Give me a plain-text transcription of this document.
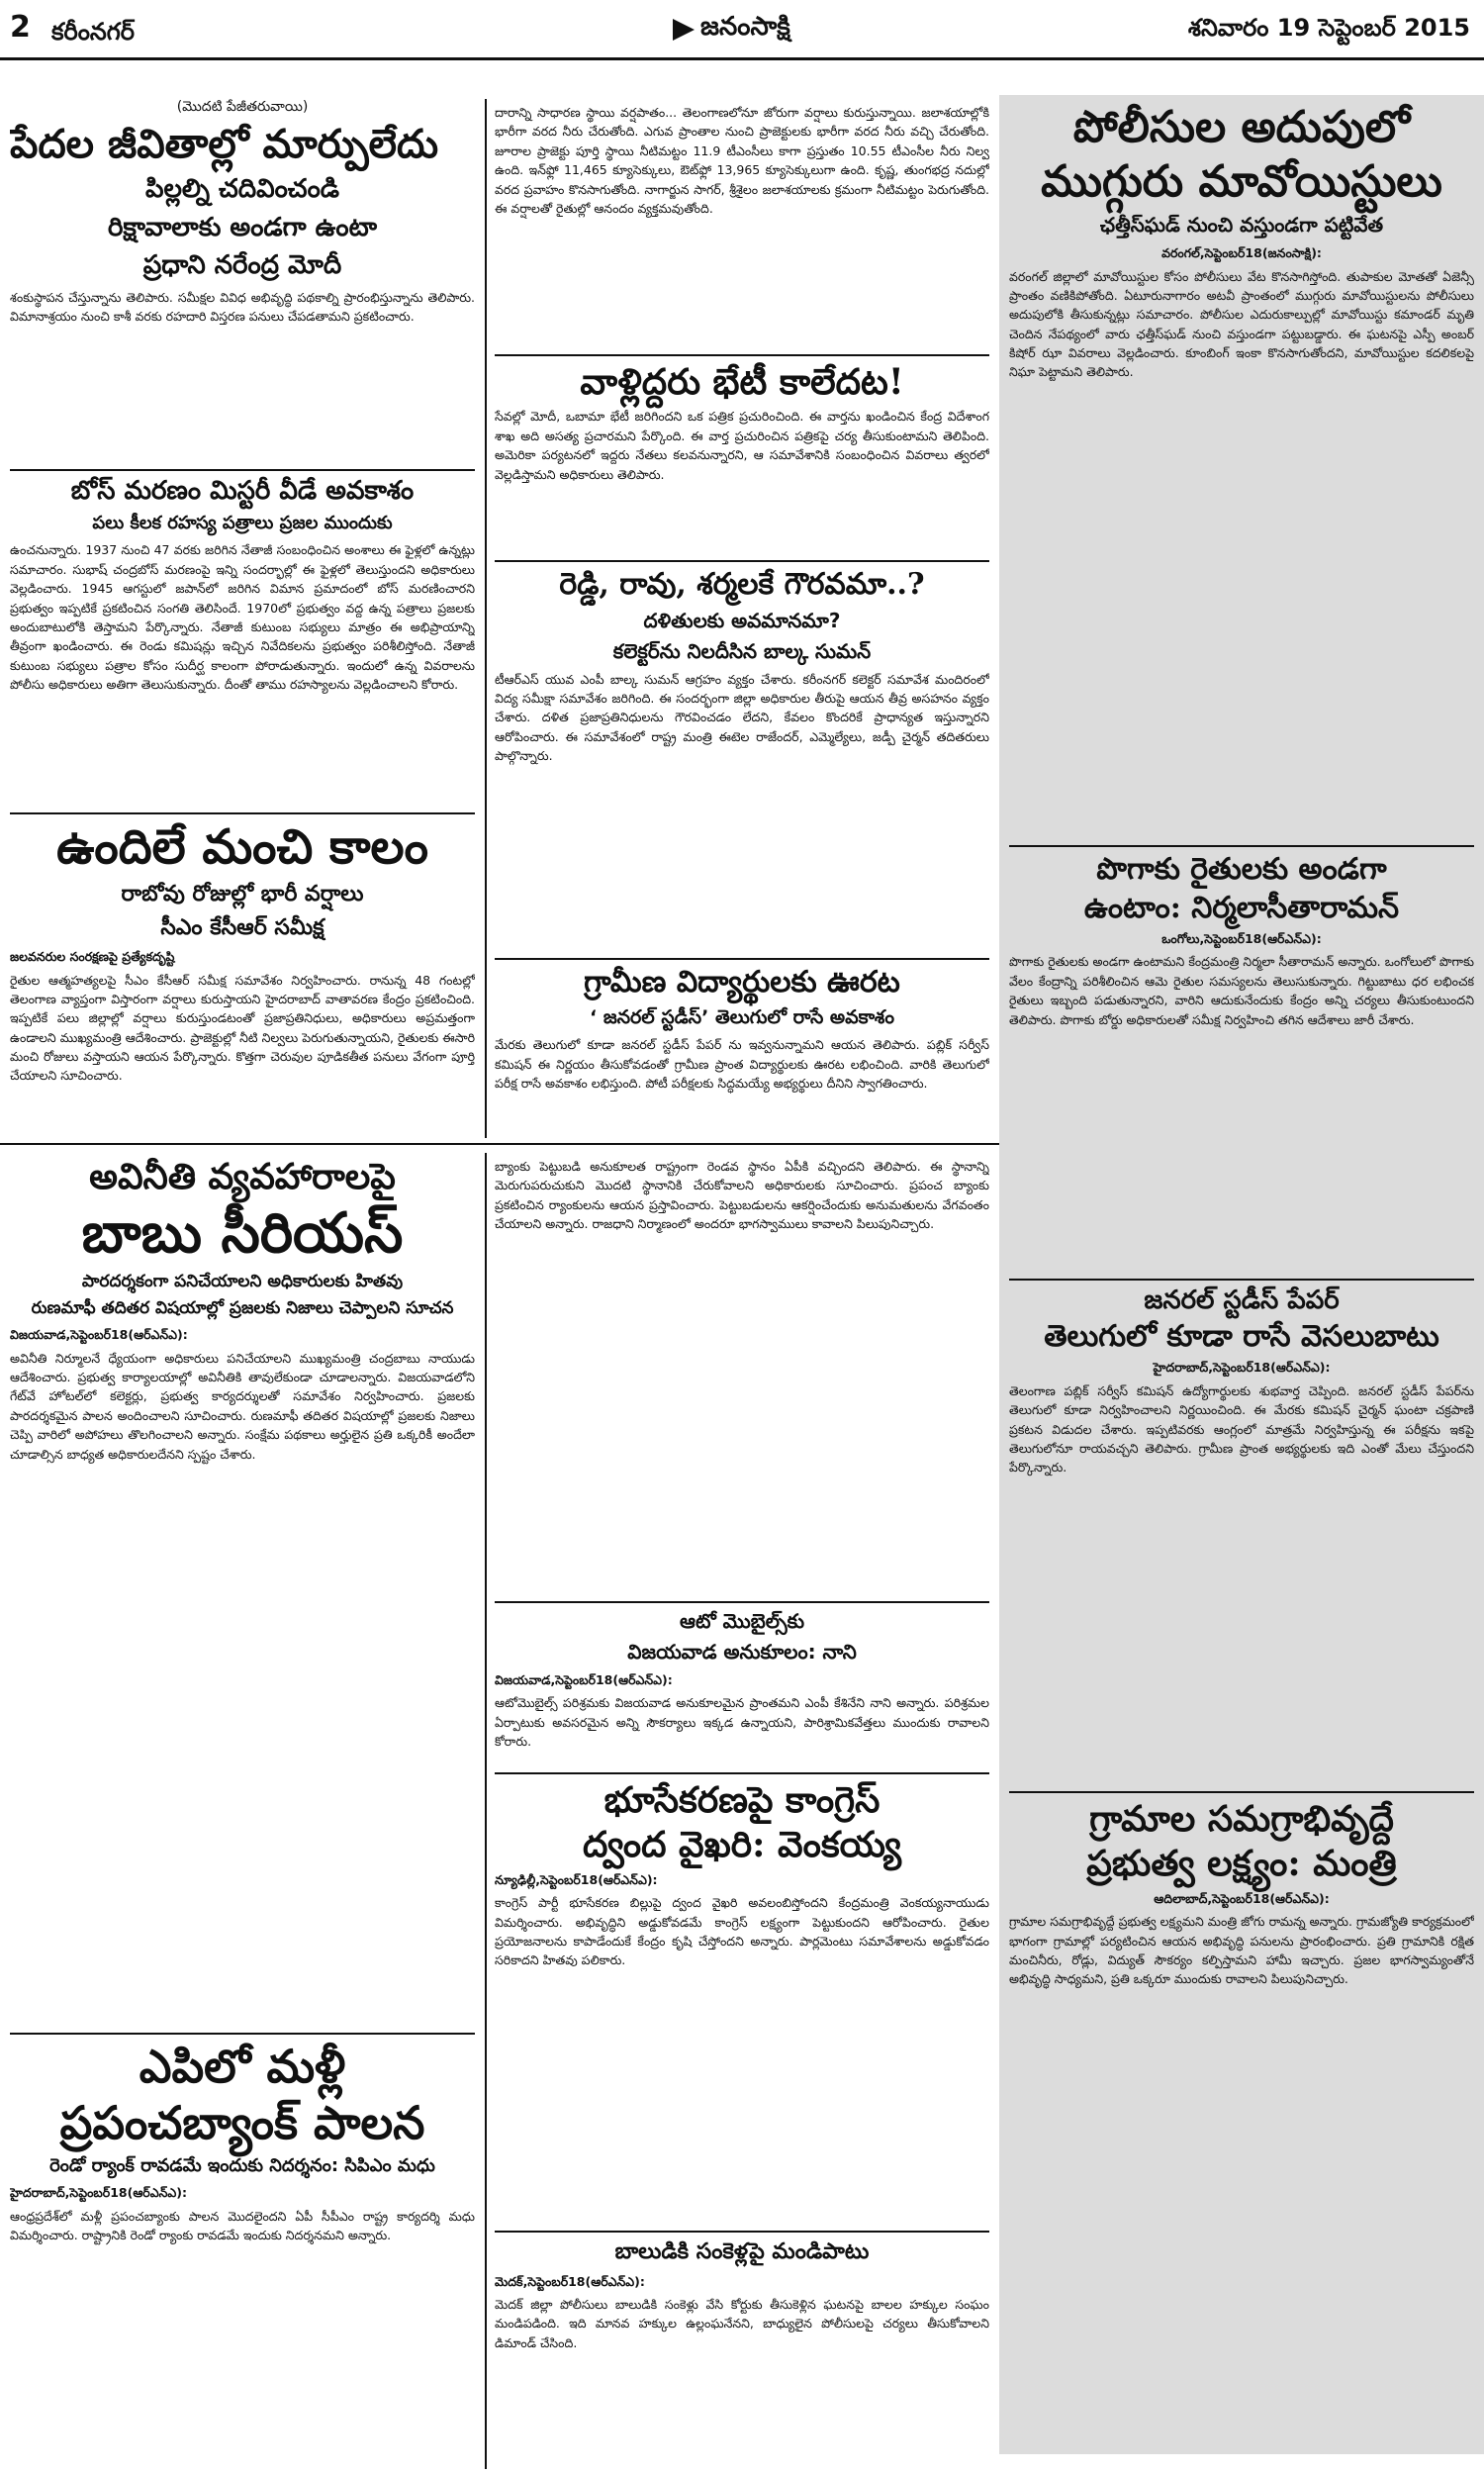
2 కరీంనగర్	జనంసాక్షి	శనివారం 19 సెప్టెంబర్ 2015
(మొదటి పేజీతరువాయి)
పేదల జీవితాల్లో మార్పులేదు
పిల్లల్ని చదివించండి
రిక్షావాలాకు అండగా ఉంటా
ప్రధాని నరేంద్ర మోదీ
శంకుస్థాపన చేస్తున్నాను తెలిపారు. సమీక్షల వివిధ అభివృద్ధి పథకాల్ని ప్రారంభిస్తున్నాను తెలిపారు. విమానాశ్రయం నుంచి కాశీ వరకు రహదారి విస్తరణ పనులు చేపడతామని ప్రకటించారు.
బోస్ మరణం మిస్టరీ వీడే అవకాశం
పలు కీలక రహస్య పత్రాలు ప్రజల ముందుకు
ఉంచనున్నారు. 1937 నుంచి 47 వరకు జరిగిన నేతాజీ సంబంధించిన అంశాలు ఈ ఫైళ్లలో ఉన్నట్లు సమాచారం. సుభాష్ చంద్రబోస్ మరణంపై ఇన్ని సందర్భాల్లో ఈ ఫైళ్లలో తెలుస్తుందని అధికారులు వెల్లడించారు. 1945 ఆగస్టులో జపాన్‌లో జరిగిన విమాన ప్రమాదంలో బోస్ మరణించారని ప్రభుత్వం ఇప్పటికే ప్రకటించిన సంగతి తెలిసిందే. 1970లో ప్రభుత్వం వద్ద ఉన్న పత్రాలు ప్రజలకు అందుబాటులోకి తెస్తామని పేర్కొన్నారు. నేతాజీ కుటుంబ సభ్యులు మాత్రం ఈ అభిప్రాయాన్ని తీవ్రంగా ఖండించారు. ఈ రెండు కమిషన్లు ఇచ్చిన నివేదికలను ప్రభుత్వం పరిశీలిస్తోంది. నేతాజీ కుటుంబ సభ్యులు పత్రాల కోసం సుదీర్ఘ కాలంగా పోరాడుతున్నారు. ఇందులో ఉన్న వివరాలను పోలీసు అధికారులు అతిగా తెలుసుకున్నారు. దీంతో తాము రహస్యాలను వెల్లడించాలని కోరారు.
ఉందిలే మంచి కాలం
రాబోవు రోజుల్లో భారీ వర్షాలు
సీఎం కేసీఆర్ సమీక్ష
జలవనరుల సంరక్షణపై ప్రత్యేకదృష్టి
రైతుల ఆత్మహత్యలపై సీఎం కేసీఆర్ సమీక్ష సమావేశం నిర్వహించారు. రానున్న 48 గంటల్లో తెలంగాణ వ్యాప్తంగా విస్తారంగా వర్షాలు కురుస్తాయని హైదరాబాద్ వాతావరణ కేంద్రం ప్రకటించింది. ఇప్పటికే పలు జిల్లాల్లో వర్షాలు కురుస్తుండటంతో ప్రజాప్రతినిధులు, అధికారులు అప్రమత్తంగా ఉండాలని ముఖ్యమంత్రి ఆదేశించారు. ప్రాజెక్టుల్లో నీటి నిల్వలు పెరుగుతున్నాయని, రైతులకు ఈసారి మంచి రోజులు వస్తాయని ఆయన పేర్కొన్నారు. కొత్తగా చెరువుల పూడికతీత పనులు వేగంగా పూర్తి చేయాలని సూచించారు.
దారాన్ని సాధారణ స్థాయి వర్షపాతం... తెలంగాణలోనూ జోరుగా వర్షాలు కురుస్తున్నాయి. జలాశయాల్లోకి భారీగా వరద నీరు చేరుతోంది. ఎగువ ప్రాంతాల నుంచి ప్రాజెక్టులకు భారీగా వరద నీరు వచ్చి చేరుతోంది. జూరాల ప్రాజెక్టు పూర్తి స్థాయి నీటిమట్టం 11.9 టీఎంసీలు కాగా ప్రస్తుతం 10.55 టీఎంసీల నీరు నిల్వ ఉంది. ఇన్‌ఫ్లో 11,465 క్యూసెక్కులు, ఔట్‌ఫ్లో 13,965 క్యూసెక్కులుగా ఉంది. కృష్ణ, తుంగభద్ర నదుల్లో వరద ప్రవాహం కొనసాగుతోంది. నాగార్జున సాగర్, శ్రీశైలం జలాశయాలకు క్రమంగా నీటిమట్టం పెరుగుతోంది. ఈ వర్షాలతో రైతుల్లో ఆనందం వ్యక్తమవుతోంది.
వాళ్లిద్దరు భేటీ కాలేదట!
సేవల్లో మోదీ, ఒబామా భేటీ జరిగిందని ఒక పత్రిక ప్రచురించింది. ఈ వార్తను ఖండించిన కేంద్ర విదేశాంగ శాఖ అది అసత్య ప్రచారమని పేర్కొంది. ఈ వార్త ప్రచురించిన పత్రికపై చర్య తీసుకుంటామని తెలిపింది. అమెరికా పర్యటనలో ఇద్దరు నేతలు కలవనున్నారని, ఆ సమావేశానికి సంబంధించిన వివరాలు త్వరలో వెల్లడిస్తామని అధికారులు తెలిపారు.
రెడ్డి, రావు, శర్మలకే గౌరవమా..?
దళితులకు అవమానమా?
కలెక్టర్‌ను నిలదీసిన బాల్క సుమన్
టీఆర్ఎస్ యువ ఎంపీ బాల్క సుమన్ ఆగ్రహం వ్యక్తం చేశారు. కరీంనగర్ కలెక్టర్ సమావేశ మందిరంలో విద్య సమీక్షా సమావేశం జరిగింది. ఈ సందర్భంగా జిల్లా అధికారుల తీరుపై ఆయన తీవ్ర అసహనం వ్యక్తం చేశారు. దళిత ప్రజాప్రతినిధులను గౌరవించడం లేదని, కేవలం కొందరికే ప్రాధాన్యత ఇస్తున్నారని ఆరోపించారు. ఈ సమావేశంలో రాష్ట్ర మంత్రి ఈటెల రాజేందర్, ఎమ్మెల్యేలు, జడ్పీ చైర్మన్ తదితరులు పాల్గొన్నారు.
గ్రామీణ విద్యార్థులకు ఊరట
‘ జనరల్ స్టడీస్’ తెలుగులో రాసే అవకాశం
మేరకు తెలుగులో కూడా జనరల్ స్టడీస్ పేపర్ ను ఇవ్వనున్నామని ఆయన తెలిపారు. పబ్లిక్ సర్వీస్ కమిషన్ ఈ నిర్ణయం తీసుకోవడంతో గ్రామీణ ప్రాంత విద్యార్థులకు ఊరట లభించింది. వారికి తెలుగులో పరీక్ష రాసే అవకాశం లభిస్తుంది. పోటీ పరీక్షలకు సిద్ధమయ్యే అభ్యర్థులు దీనిని స్వాగతించారు.
పోలీసుల అదుపులో
ముగ్గురు మావోయిస్టులు
ఛత్తీస్‌ఘడ్ నుంచి వస్తుండగా పట్టివేత
వరంగల్,సెప్టెంబర్18(జనంసాక్షి):
వరంగల్ జిల్లాలో మావోయిస్టుల కోసం పోలీసులు వేట కొనసాగిస్తోంది. తుపాకుల మోతతో ఏజెన్సీ ప్రాంతం వణికిపోతోంది. ఏటూరునాగారం అటవీ ప్రాంతంలో ముగ్గురు మావోయిస్టులను పోలీసులు అదుపులోకి తీసుకున్నట్లు సమాచారం. పోలీసుల ఎదురుకాల్పుల్లో మావోయిస్టు కమాండర్ మృతి చెందిన నేపథ్యంలో వారు ఛత్తీస్‌ఘడ్ నుంచి వస్తుండగా పట్టుబడ్డారు. ఈ ఘటనపై ఎస్పీ అంబర్ కిషోర్ ఝా వివరాలు వెల్లడించారు. కూంబింగ్ ఇంకా కొనసాగుతోందని, మావోయిస్టుల కదలికలపై నిఘా పెట్టామని తెలిపారు.
పొగాకు రైతులకు అండగా
ఉంటాం: నిర్మలాసీతారామన్
ఒంగోలు,సెప్టెంబర్18(ఆర్ఎన్ఎ):
పొగాకు రైతులకు అండగా ఉంటామని కేంద్రమంత్రి నిర్మలా సీతారామన్ అన్నారు. ఒంగోలులో పొగాకు వేలం కేంద్రాన్ని పరిశీలించిన ఆమె రైతుల సమస్యలను తెలుసుకున్నారు. గిట్టుబాటు ధర లభించక రైతులు ఇబ్బంది పడుతున్నారని, వారిని ఆదుకునేందుకు కేంద్రం అన్ని చర్యలు తీసుకుంటుందని తెలిపారు. పొగాకు బోర్డు అధికారులతో సమీక్ష నిర్వహించి తగిన ఆదేశాలు జారీ చేశారు.
జనరల్ స్టడీస్ పేపర్
తెలుగులో కూడా రాసే వెసలుబాటు
హైదరాబాద్,సెప్టెంబర్18(ఆర్ఎన్ఎ):
తెలంగాణ పబ్లిక్ సర్వీస్ కమిషన్ ఉద్యోగార్థులకు శుభవార్త చెప్పింది. జనరల్ స్టడీస్ పేపర్‌ను తెలుగులో కూడా నిర్వహించాలని నిర్ణయించింది. ఈ మేరకు కమిషన్ చైర్మన్ ఘంటా చక్రపాణి ప్రకటన విడుదల చేశారు. ఇప్పటివరకు ఆంగ్లంలో మాత్రమే నిర్వహిస్తున్న ఈ పరీక్షను ఇకపై తెలుగులోనూ రాయవచ్చని తెలిపారు. గ్రామీణ ప్రాంత అభ్యర్థులకు ఇది ఎంతో మేలు చేస్తుందని పేర్కొన్నారు.
గ్రామాల సమగ్రాభివృద్దే
ప్రభుత్వ లక్ష్యం: మంత్రి
ఆదిలాబాద్,సెప్టెంబర్18(ఆర్ఎన్ఎ):
గ్రామాల సమగ్రాభివృద్దే ప్రభుత్వ లక్ష్యమని మంత్రి జోగు రామన్న అన్నారు. గ్రామజ్యోతి కార్యక్రమంలో భాగంగా గ్రామాల్లో పర్యటించిన ఆయన అభివృద్ధి పనులను ప్రారంభించారు. ప్రతి గ్రామానికి రక్షిత మంచినీరు, రోడ్లు, విద్యుత్ సౌకర్యం కల్పిస్తామని హామీ ఇచ్చారు. ప్రజల భాగస్వామ్యంతోనే అభివృద్ధి సాధ్యమని, ప్రతి ఒక్కరూ ముందుకు రావాలని పిలుపునిచ్చారు.
అవినీతి వ్యవహారాలపై
బాబు సీరియస్
పారదర్శకంగా పనిచేయాలని అధికారులకు హితవు
రుణమాఫీ తదితర విషయాల్లో ప్రజలకు నిజాలు చెప్పాలని సూచన
విజయవాడ,సెప్టెంబర్18(ఆర్ఎన్ఎ):
అవినీతి నిర్మూలనే ధ్యేయంగా అధికారులు పనిచేయాలని ముఖ్యమంత్రి చంద్రబాబు నాయుడు ఆదేశించారు. ప్రభుత్వ కార్యాలయాల్లో అవినీతికి తావులేకుండా చూడాలన్నారు. విజయవాడలోని గేట్‌వే హోటల్‌లో కలెక్టర్లు, ప్రభుత్వ కార్యదర్శులతో సమావేశం నిర్వహించారు. ప్రజలకు పారదర్శకమైన పాలన అందించాలని సూచించారు. రుణమాఫీ తదితర విషయాల్లో ప్రజలకు నిజాలు చెప్పి వారిలో అపోహలు తొలగించాలని అన్నారు. సంక్షేమ పథకాలు అర్హులైన ప్రతి ఒక్కరికీ అందేలా చూడాల్సిన బాధ్యత అధికారులదేనని స్పష్టం చేశారు.
ఎపిలో మళ్లీ
ప్రపంచబ్యాంక్ పాలన
రెండో ర్యాంక్ రావడమే ఇందుకు నిదర్శనం: సిపిఎం మధు
హైదరాబాద్,సెప్టెంబర్18(ఆర్ఎన్ఎ):
ఆంధ్రప్రదేశ్‌లో మళ్లీ ప్రపంచబ్యాంకు పాలన మొదలైందని ఏపీ సీపీఎం రాష్ట్ర కార్యదర్శి మధు విమర్శించారు. రాష్ట్రానికి రెండో ర్యాంకు రావడమే ఇందుకు నిదర్శనమని అన్నారు.
బ్యాంకు పెట్టుబడి అనుకూలత రాష్ట్రంగా రెండవ స్థానం ఏపీకి వచ్చిందని తెలిపారు. ఈ స్థానాన్ని మెరుగుపరుచుకుని మొదటి స్థానానికి చేరుకోవాలని అధికారులకు సూచించారు. ప్రపంచ బ్యాంకు ప్రకటించిన ర్యాంకులను ఆయన ప్రస్తావించారు. పెట్టుబడులను ఆకర్షించేందుకు అనుమతులను వేగవంతం చేయాలని అన్నారు. రాజధాని నిర్మాణంలో అందరూ భాగస్వాములు కావాలని పిలుపునిచ్చారు.
ఆటో మొబైల్స్‌కు
విజయవాడ అనుకూలం: నాని
విజయవాడ,సెప్టెంబర్18(ఆర్ఎన్ఎ):
ఆటోమొబైల్స్ పరిశ్రమకు విజయవాడ అనుకూలమైన ప్రాంతమని ఎంపీ కేశినేని నాని అన్నారు. పరిశ్రమల ఏర్పాటుకు అవసరమైన అన్ని సౌకర్యాలు ఇక్కడ ఉన్నాయని, పారిశ్రామికవేత్తలు ముందుకు రావాలని కోరారు.
భూసేకరణపై కాంగ్రెస్
ద్వంద వైఖరి: వెంకయ్య
న్యూఢిల్లీ,సెప్టెంబర్18(ఆర్ఎన్ఎ):
కాంగ్రెస్ పార్టీ భూసేకరణ బిల్లుపై ద్వంద వైఖరి అవలంబిస్తోందని కేంద్రమంత్రి వెంకయ్యనాయుడు విమర్శించారు. అభివృద్ధిని అడ్డుకోవడమే కాంగ్రెస్ లక్ష్యంగా పెట్టుకుందని ఆరోపించారు. రైతుల ప్రయోజనాలను కాపాడేందుకే కేంద్రం కృషి చేస్తోందని అన్నారు. పార్లమెంటు సమావేశాలను అడ్డుకోవడం సరికాదని హితవు పలికారు.
బాలుడికి సంకెళ్లపై మండిపాటు
మెదక్,సెప్టెంబర్18(ఆర్ఎన్ఎ):
మెదక్ జిల్లా పోలీసులు బాలుడికి సంకెళ్లు వేసి కోర్టుకు తీసుకెళ్లిన ఘటనపై బాలల హక్కుల సంఘం మండిపడింది. ఇది మానవ హక్కుల ఉల్లంఘనేనని, బాధ్యులైన పోలీసులపై చర్యలు తీసుకోవాలని డిమాండ్ చేసింది.
